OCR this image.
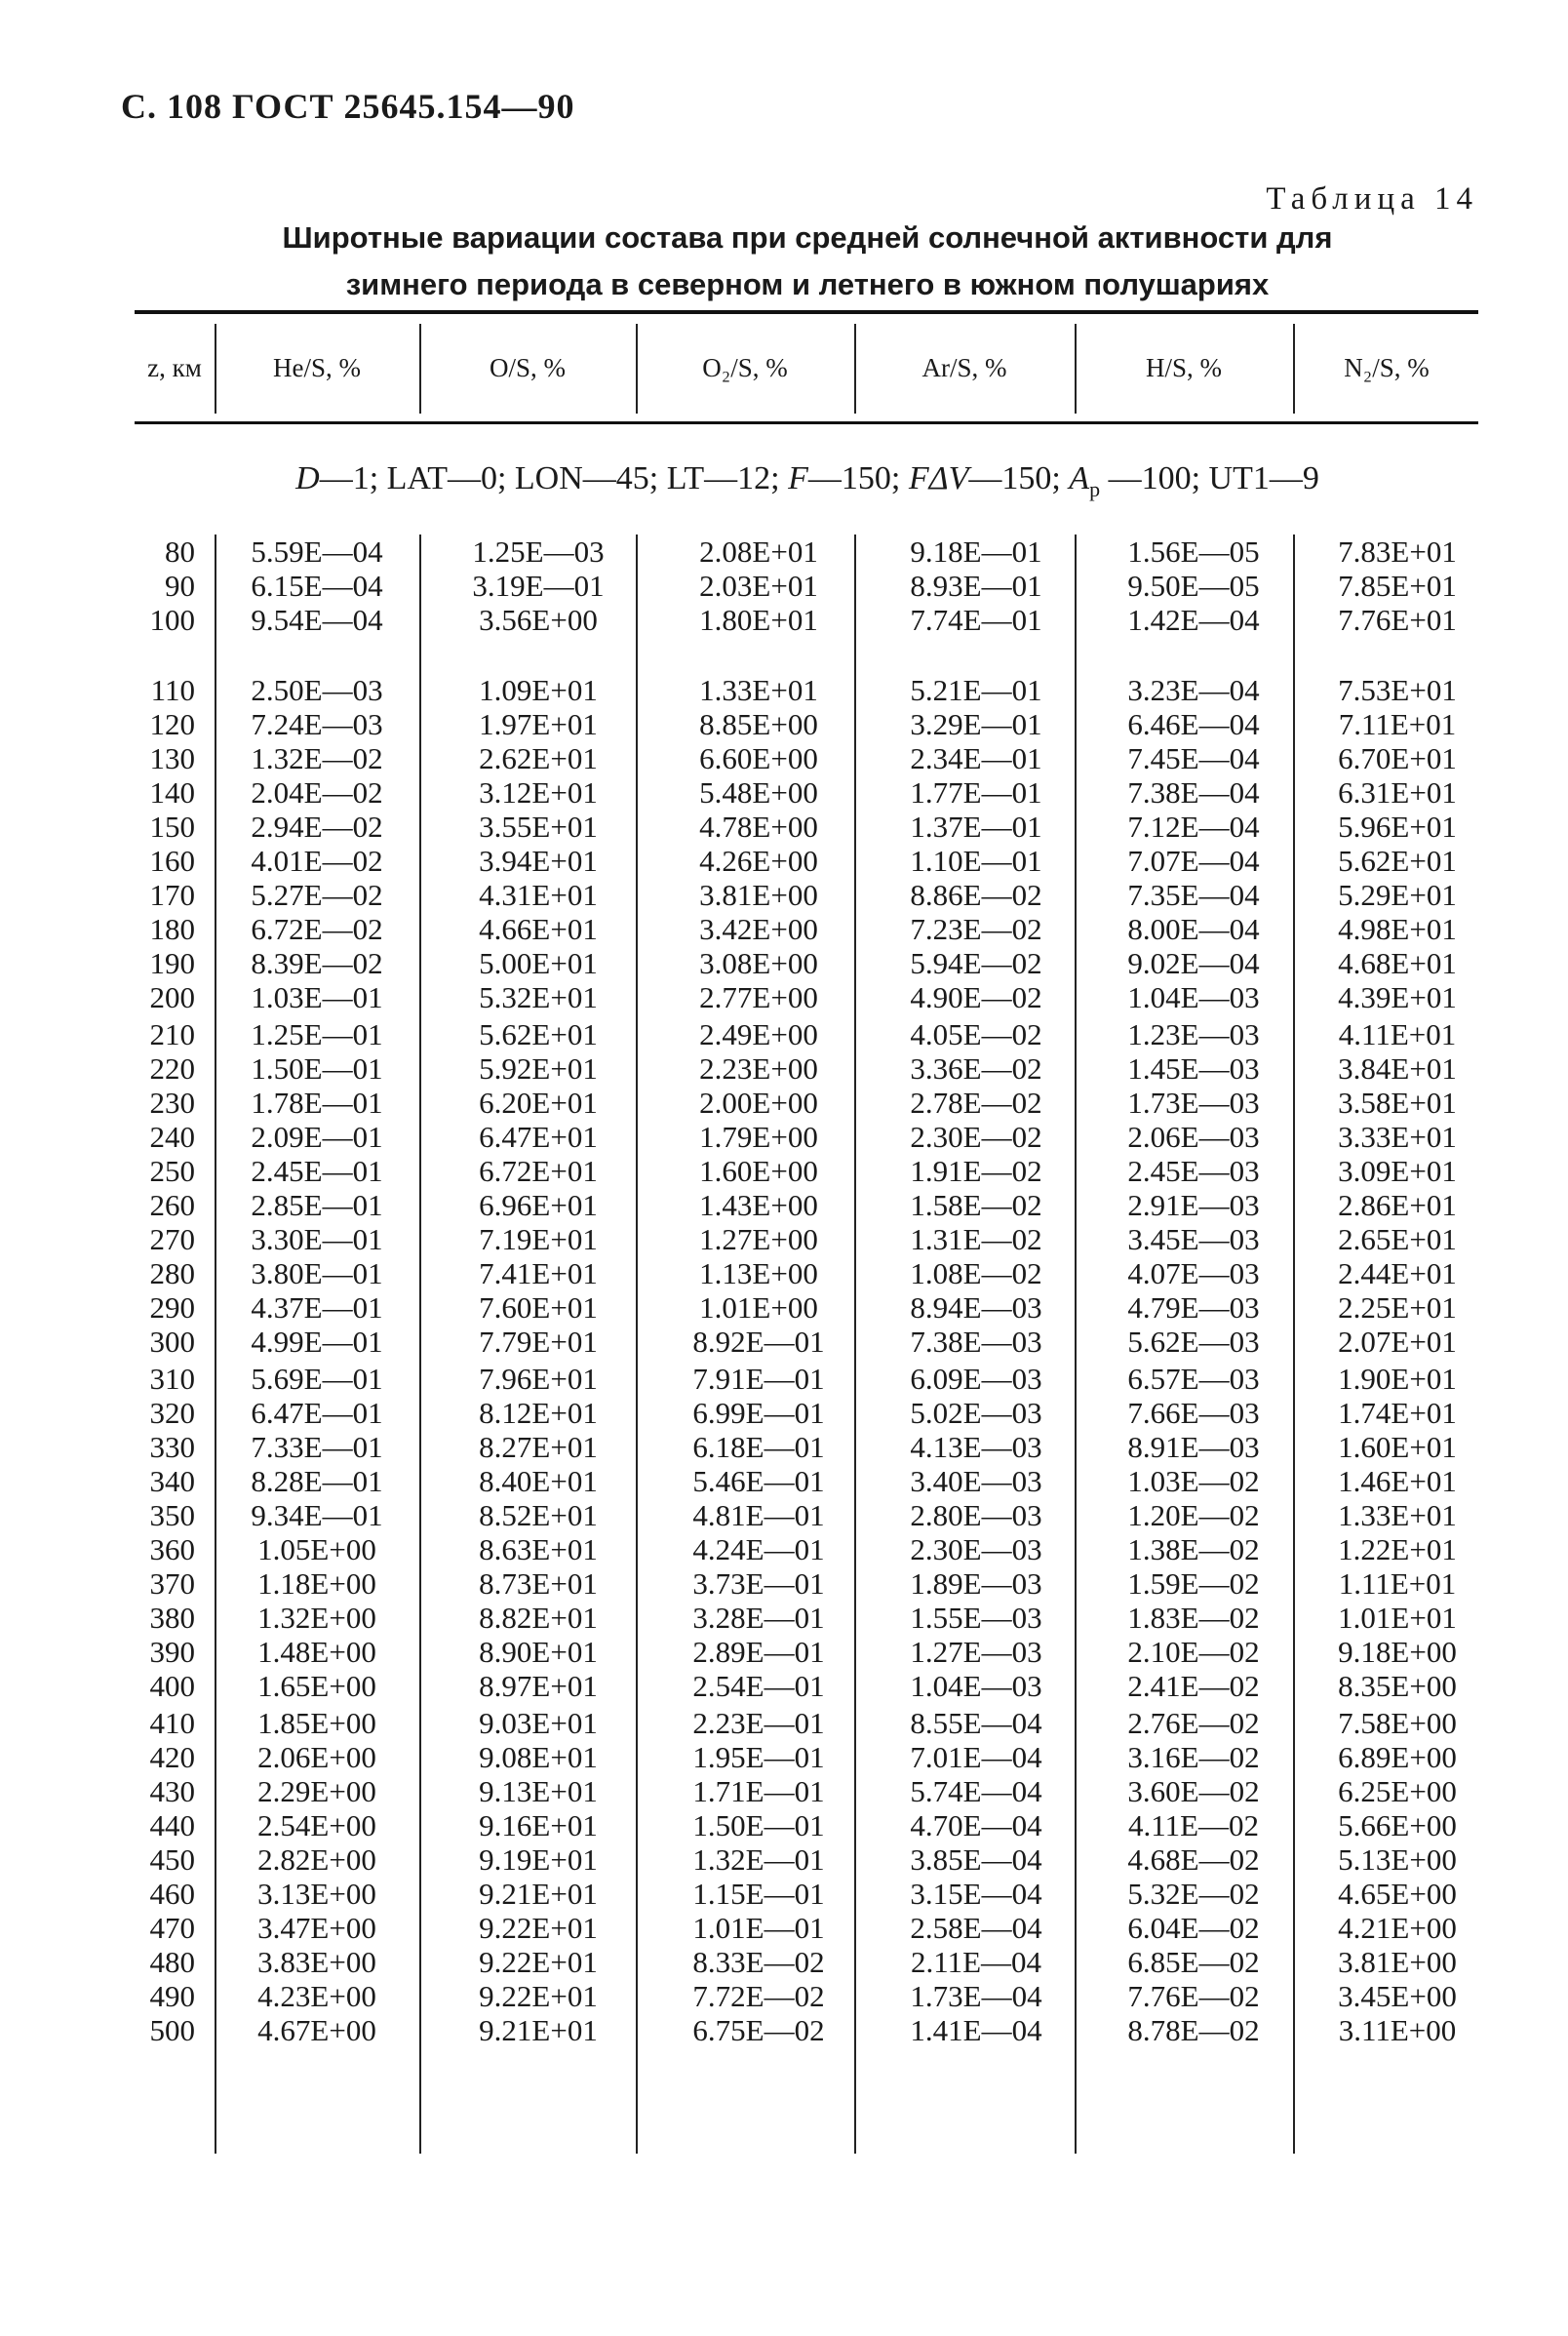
С. 108 ГОСТ 25645.154—90
Таблица 14
Широтные вариации состава при средней солнечной активности для
зимнего периода в северном и летнего в южном полушариях
z, км	He/S, %	O/S, %	O₂/S, %	Ar/S, %	H/S, %	N₂/S, %
D—1; LAT—0; LON—45; LT—12; F—150; FΔV—150; $A_p$ —100; UT1—9
80	5.59E—04	1.25E—03	2.08E+01	9.18E—01	1.56E—05	7.83E+01
90	6.15E—04	3.19E—01	2.03E+01	8.93E—01	9.50E—05	7.85E+01
100	9.54E—04	3.56E+00	1.80E+01	7.74E—01	1.42E—04	7.76E+01
110	2.50E—03	1.09E+01	1.33E+01	5.21E—01	3.23E—04	7.53E+01
120	7.24E—03	1.97E+01	8.85E+00	3.29E—01	6.46E—04	7.11E+01
130	1.32E—02	2.62E+01	6.60E+00	2.34E—01	7.45E—04	6.70E+01
140	2.04E—02	3.12E+01	5.48E+00	1.77E—01	7.38E—04	6.31E+01
150	2.94E—02	3.55E+01	4.78E+00	1.37E—01	7.12E—04	5.96E+01
160	4.01E—02	3.94E+01	4.26E+00	1.10E—01	7.07E—04	5.62E+01
170	5.27E—02	4.31E+01	3.81E+00	8.86E—02	7.35E—04	5.29E+01
180	6.72E—02	4.66E+01	3.42E+00	7.23E—02	8.00E—04	4.98E+01
190	8.39E—02	5.00E+01	3.08E+00	5.94E—02	9.02E—04	4.68E+01
200	1.03E—01	5.32E+01	2.77E+00	4.90E—02	1.04E—03	4.39E+01
210	1.25E—01	5.62E+01	2.49E+00	4.05E—02	1.23E—03	4.11E+01
220	1.50E—01	5.92E+01	2.23E+00	3.36E—02	1.45E—03	3.84E+01
230	1.78E—01	6.20E+01	2.00E+00	2.78E—02	1.73E—03	3.58E+01
240	2.09E—01	6.47E+01	1.79E+00	2.30E—02	2.06E—03	3.33E+01
250	2.45E—01	6.72E+01	1.60E+00	1.91E—02	2.45E—03	3.09E+01
260	2.85E—01	6.96E+01	1.43E+00	1.58E—02	2.91E—03	2.86E+01
270	3.30E—01	7.19E+01	1.27E+00	1.31E—02	3.45E—03	2.65E+01
280	3.80E—01	7.41E+01	1.13E+00	1.08E—02	4.07E—03	2.44E+01
290	4.37E—01	7.60E+01	1.01E+00	8.94E—03	4.79E—03	2.25E+01
300	4.99E—01	7.79E+01	8.92E—01	7.38E—03	5.62E—03	2.07E+01
310	5.69E—01	7.96E+01	7.91E—01	6.09E—03	6.57E—03	1.90E+01
320	6.47E—01	8.12E+01	6.99E—01	5.02E—03	7.66E—03	1.74E+01
330	7.33E—01	8.27E+01	6.18E—01	4.13E—03	8.91E—03	1.60E+01
340	8.28E—01	8.40E+01	5.46E—01	3.40E—03	1.03E—02	1.46E+01
350	9.34E—01	8.52E+01	4.81E—01	2.80E—03	1.20E—02	1.33E+01
360	1.05E+00	8.63E+01	4.24E—01	2.30E—03	1.38E—02	1.22E+01
370	1.18E+00	8.73E+01	3.73E—01	1.89E—03	1.59E—02	1.11E+01
380	1.32E+00	8.82E+01	3.28E—01	1.55E—03	1.83E—02	1.01E+01
390	1.48E+00	8.90E+01	2.89E—01	1.27E—03	2.10E—02	9.18E+00
400	1.65E+00	8.97E+01	2.54E—01	1.04E—03	2.41E—02	8.35E+00
410	1.85E+00	9.03E+01	2.23E—01	8.55E—04	2.76E—02	7.58E+00
420	2.06E+00	9.08E+01	1.95E—01	7.01E—04	3.16E—02	6.89E+00
430	2.29E+00	9.13E+01	1.71E—01	5.74E—04	3.60E—02	6.25E+00
440	2.54E+00	9.16E+01	1.50E—01	4.70E—04	4.11E—02	5.66E+00
450	2.82E+00	9.19E+01	1.32E—01	3.85E—04	4.68E—02	5.13E+00
460	3.13E+00	9.21E+01	1.15E—01	3.15E—04	5.32E—02	4.65E+00
470	3.47E+00	9.22E+01	1.01E—01	2.58E—04	6.04E—02	4.21E+00
480	3.83E+00	9.22E+01	8.33E—02	2.11E—04	6.85E—02	3.81E+00
490	4.23E+00	9.22E+01	7.72E—02	1.73E—04	7.76E—02	3.45E+00
500	4.67E+00	9.21E+01	6.75E—02	1.41E—04	8.78E—02	3.11E+00
